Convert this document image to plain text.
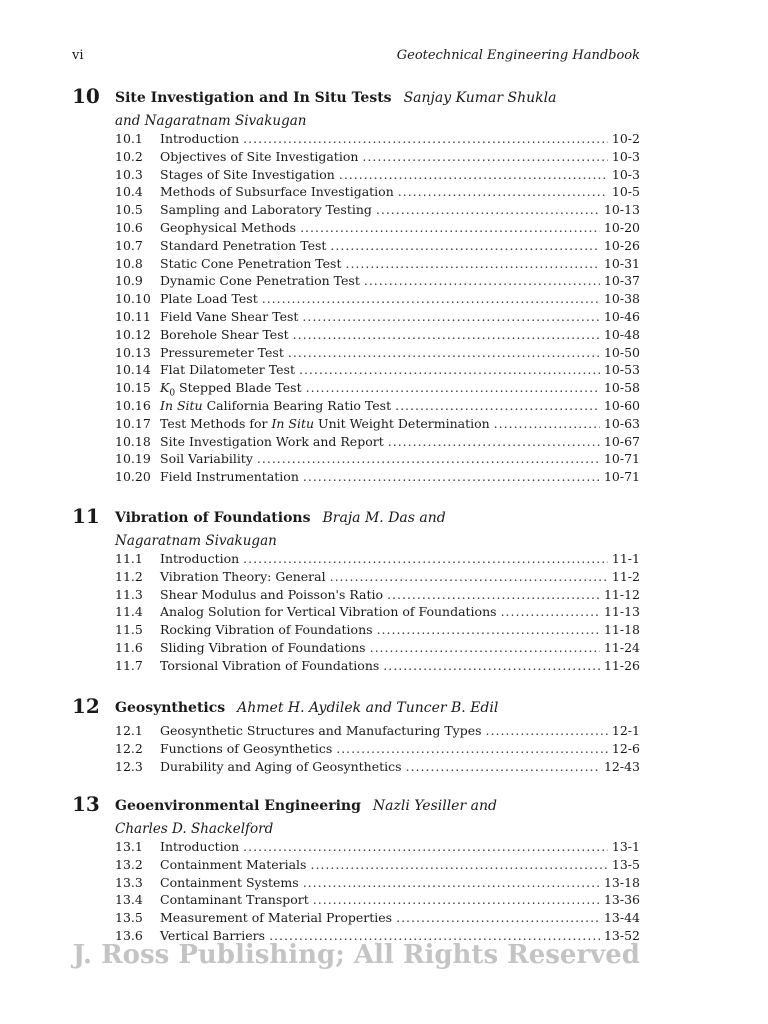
vi	Geotechnical Engineering Handbook
10 Site Investigation and In Situ Tests Sanjay Kumar Shukla
and Nagaratnam Sivakugan
10.1	Introduction .....	10-2
10.2	Objectives of Site Investigation .....	10-3
10.3	Stages of Site Investigation .....	10-3
10.4	Methods of Subsurface Investigation .....	10-5
10.5	Sampling and Laboratory Testing .....	10-13
10.6	Geophysical Methods .....	10-20
10.7	Standard Penetration Test .....	10-26
10.8	Static Cone Penetration Test .....	10-31
10.9	Dynamic Cone Penetration Test .....	10-37
10.10 Plate Load Test .....	10-38
10.11 Field Vane Shear Test .....	10-46
10.12 Borehole Shear Test .....	10-48
10.13 Pressuremeter Test .....	10-50
10.14 Flat Dilatometer Test .....	10-53
10.15 $K_0$ Stepped Blade Test .....	10-58
10.16 In Situ California Bearing Ratio Test .....	10-60
10.17 Test Methods for In Situ Unit Weight Determination .....	10-63
10.18 Site Investigation Work and Report .....	10-67
10.19 Soil Variability .....	10-71
10.20 Field Instrumentation .....	10-71
11 Vibration of Foundations Braja M. Das and
Nagaratnam Sivakugan
11.1	Introduction .....	11-1
11.2	Vibration Theory: General .....	11-2
11.3	Shear Modulus and Poisson's Ratio .....	11-12
11.4	Analog Solution for Vertical Vibration of Foundations .....	11-13
11.5	Rocking Vibration of Foundations .....	11-18
11.6	Sliding Vibration of Foundations .....	11-24
11.7	Torsional Vibration of Foundations .....	11-26
12 Geosynthetics Ahmet H. Aydilek and Tuncer B. Edil
12.1	Geosynthetic Structures and Manufacturing Types .....	12-1
12.2	Functions of Geosynthetics .....	12-6
12.3	Durability and Aging of Geosynthetics .....	12-43
13 Geoenvironmental Engineering Nazli Yesiller and
Charles D. Shackelford
13.1	Introduction .....	13-1
13.2	Containment Materials .....	13-5
13.3	Containment Systems .....	13-18
13.4	Contaminant Transport .....	13-36
13.5	Measurement of Material Properties .....	13-44
13.6	Vertical Barriers .....	13-52
J. Ross Publishing; All Rights Reserved
